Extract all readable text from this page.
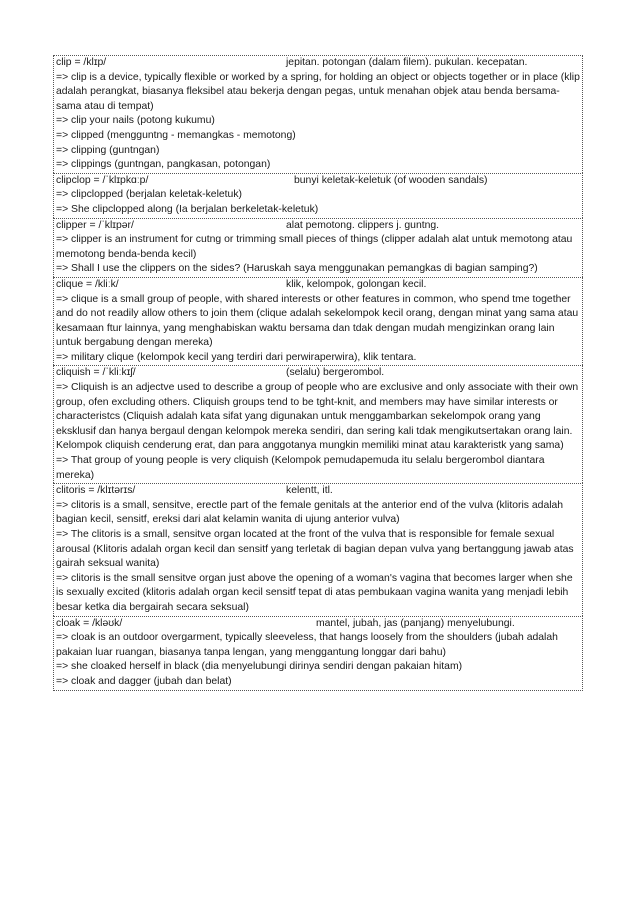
clip = /klɪp/	jepitan. potongan (dalam filem). pukulan. kecepatan.
=> clip is a device, typically flexible or worked by a spring, for holding an object or objects together or in place (klip adalah perangkat, biasanya fleksibel atau bekerja dengan pegas, untuk menahan objek atau benda bersama-sama atau di tempat)
=> clip your nails (potong kukumu)
=> clipped (mengguntng - memangkas - memotong)
=> clipping (guntngan)
=> clippings (guntngan, pangkasan, potongan)
clipclop = /ˈklɪpkɑːp/	bunyi keletak-keletuk (of wooden sandals)
=> clipclopped (berjalan keletak-keletuk)
=> She clipclopped along (Ia berjalan berkeletak-keletuk)
clipper = /ˈklɪpər/	alat pemotong. clippers j. guntng.
=> clipper is an instrument for cutng or trimming small pieces of things (clipper adalah alat untuk memotong atau memotong benda-benda kecil)
=> Shall I use the clippers on the sides? (Haruskah saya menggunakan pemangkas di bagian samping?)
clique = /kliːk/	klik, kelompok, golongan kecil.
=> clique is a small group of people, with shared interests or other features in common, who spend tme together and do not readily allow others to join them (clique adalah sekelompok kecil orang, dengan minat yang sama atau kesamaan ftur lainnya, yang menghabiskan waktu bersama dan tdak dengan mudah mengizinkan orang lain untuk bergabung dengan mereka)
=> military clique (kelompok kecil yang terdiri dari perwiraperwira), klik tentara.
cliquish = /ˈkliːkɪʃ/	(selalu) bergerombol.
=> Cliquish is an adjectve used to describe a group of people who are exclusive and only associate with their own group, ofen excluding others. Cliquish groups tend to be tght-knit, and members may have similar interests or characteristcs (Cliquish adalah kata sifat yang digunakan untuk menggambarkan sekelompok orang yang eksklusif dan hanya bergaul dengan kelompok mereka sendiri, dan sering kali tdak mengikutsertakan orang lain. Kelompok cliquish cenderung erat, dan para anggotanya mungkin memiliki minat atau karakteristk yang sama)
=> That group of young people is very cliquish (Kelompok pemudapemuda itu selalu bergerombol diantara mereka)
clitoris = /klɪtərɪs/	kelentt, itl.
=> clitoris is a small, sensitve, erectle part of the female genitals at the anterior end of the vulva (klitoris adalah bagian kecil, sensitf, ereksi dari alat kelamin wanita di ujung anterior vulva)
=> The clitoris is a small, sensitve organ located at the front of the vulva that is responsible for female sexual arousal (Klitoris adalah organ kecil dan sensitf yang terletak di bagian depan vulva yang bertanggung jawab atas gairah seksual wanita)
=> clitoris is the small sensitve organ just above the opening of a woman's vagina that becomes larger when she is sexually excited (klitoris adalah organ kecil sensitf tepat di atas pembukaan vagina wanita yang menjadi lebih besar ketka dia bergairah secara seksual)
cloak = /kləʊk/	mantel, jubah, jas (panjang) menyelubungi.
=> cloak is an outdoor overgarment, typically sleeveless, that hangs loosely from the shoulders (jubah adalah pakaian luar ruangan, biasanya tanpa lengan, yang menggantung longgar dari bahu)
=> she cloaked herself in black (dia menyelubungi dirinya sendiri dengan pakaian hitam)
=> cloak and dagger (jubah dan belat)
